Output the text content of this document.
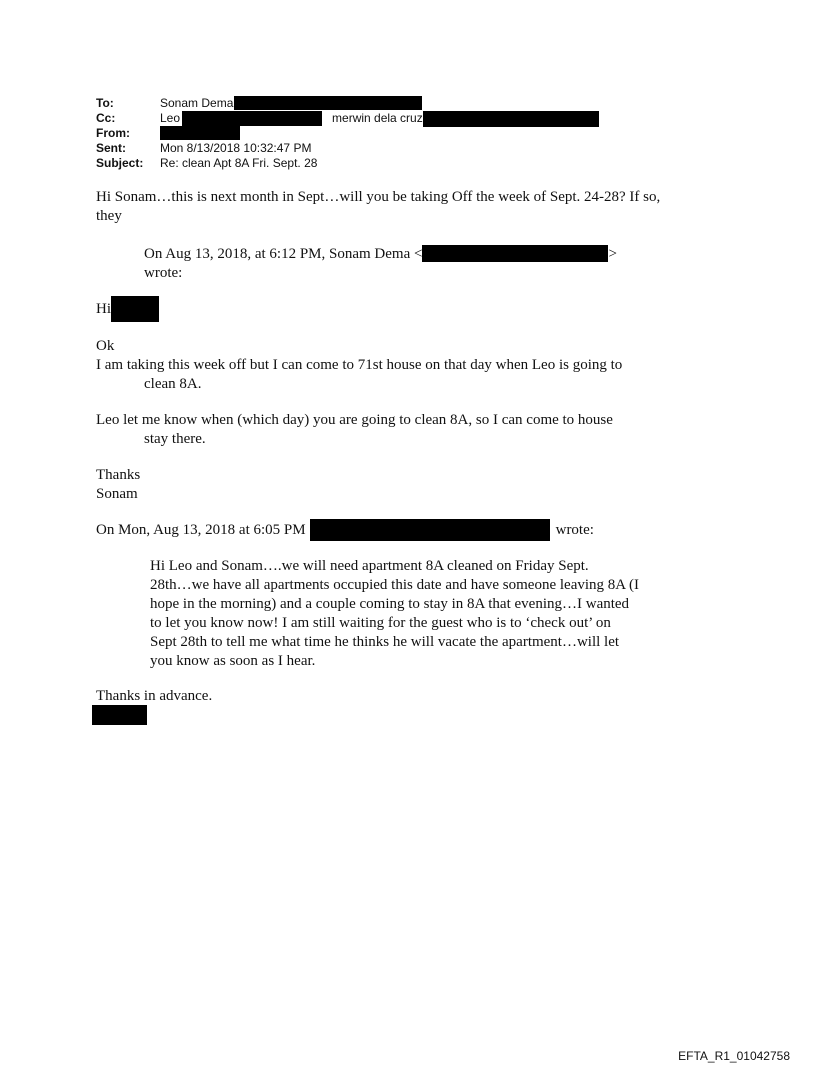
To:	Sonam Dema
Cc:	Leo	merwin dela cruz
From:
Sent:	Mon 8/13/2018 10:32:47 PM
Subject: Re: clean Apt 8A Fri. Sept. 28
Hi Sonam…this is next month in Sept…will you be taking Off the week of Sept. 24-28? If so,
they
On Aug 13, 2018, at 6:12 PM, Sonam Dema <	>
wrote:
Hi
Ok
I am taking this week off but I can come to 71st house on that day when Leo is going to
clean 8A.
Leo let me know when (which day) you are going to clean 8A, so I can come to house
stay there.
Thanks
Sonam
On Mon, Aug 13, 2018 at 6:05 PM	wrote:
Hi Leo and Sonam….we will need apartment 8A cleaned on Friday Sept.
28th…we have all apartments occupied this date and have someone leaving 8A (I
hope in the morning) and a couple coming to stay in 8A that evening…I wanted
to let you know now! I am still waiting for the guest who is to ‘check out’ on
Sept 28th to tell me what time he thinks he will vacate the apartment…will let
you know as soon as I hear.
Thanks in advance.
EFTA_R1_01042758
